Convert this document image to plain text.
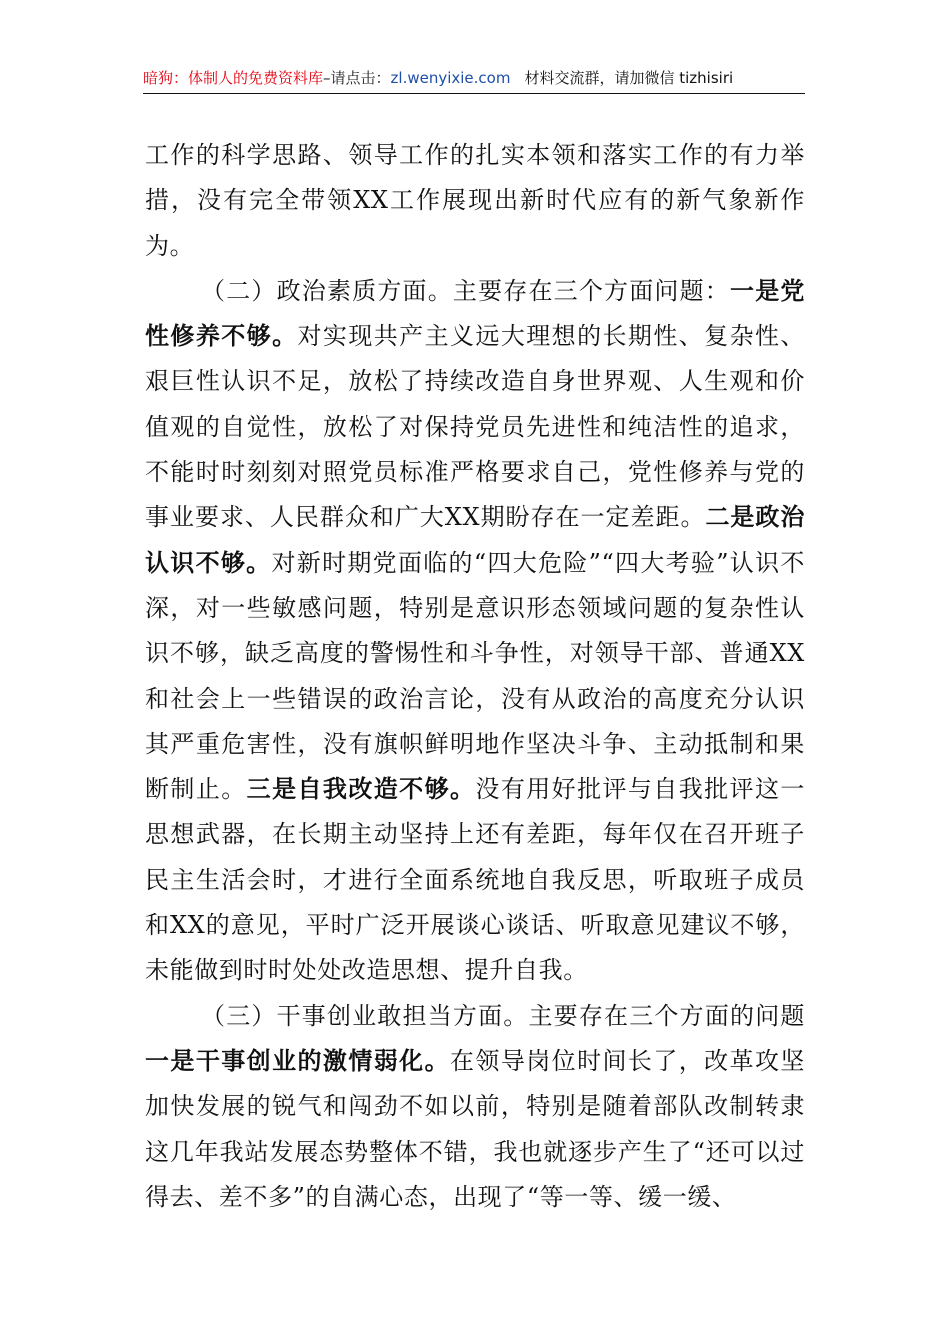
暗狗：体制人的免费资料库–请点击：zl.wenyixie.com 材料交流群，请加微信 tizhisiri

工作的科学思路、领导工作的扎实本领和落实工作的有力举措，没有完全带领XX工作展现出新时代应有的新气象新作为。

（二）政治素质方面。主要存在三个方面问题：一是党性修养不够。对实现共产主义远大理想的长期性、复杂性、艰巨性认识不足，放松了持续改造自身世界观、人生观和价值观的自觉性，放松了对保持党员先进性和纯洁性的追求，不能时时刻刻对照党员标准严格要求自己，党性修养与党的事业要求、人民群众和广大XX期盼存在一定差距。二是政治认识不够。对新时期党面临的“四大危险”“四大考验”认识不深，对一些敏感问题，特别是意识形态领域问题的复杂性认识不够，缺乏高度的警惕性和斗争性，对领导干部、普通XX和社会上一些错误的政治言论，没有从政治的高度充分认识其严重危害性，没有旗帜鲜明地作坚决斗争、主动抵制和果断制止。三是自我改造不够。没有用好批评与自我批评这一思想武器，在长期主动坚持上还有差距，每年仅在召开班子民主生活会时，才进行全面系统地自我反思，听取班子成员和XX的意见，平时广泛开展谈心谈话、听取意见建议不够，未能做到时时处处改造思想、提升自我。

（三）干事创业敢担当方面。主要存在三个方面的问题一是干事创业的激情弱化。在领导岗位时间长了，改革攻坚加快发展的锐气和闯劲不如以前，特别是随着部队改制转隶这几年我站发展态势整体不错，我也就逐步产生了“还可以过得去、差不多”的自满心态，出现了“等一等、缓一缓、
